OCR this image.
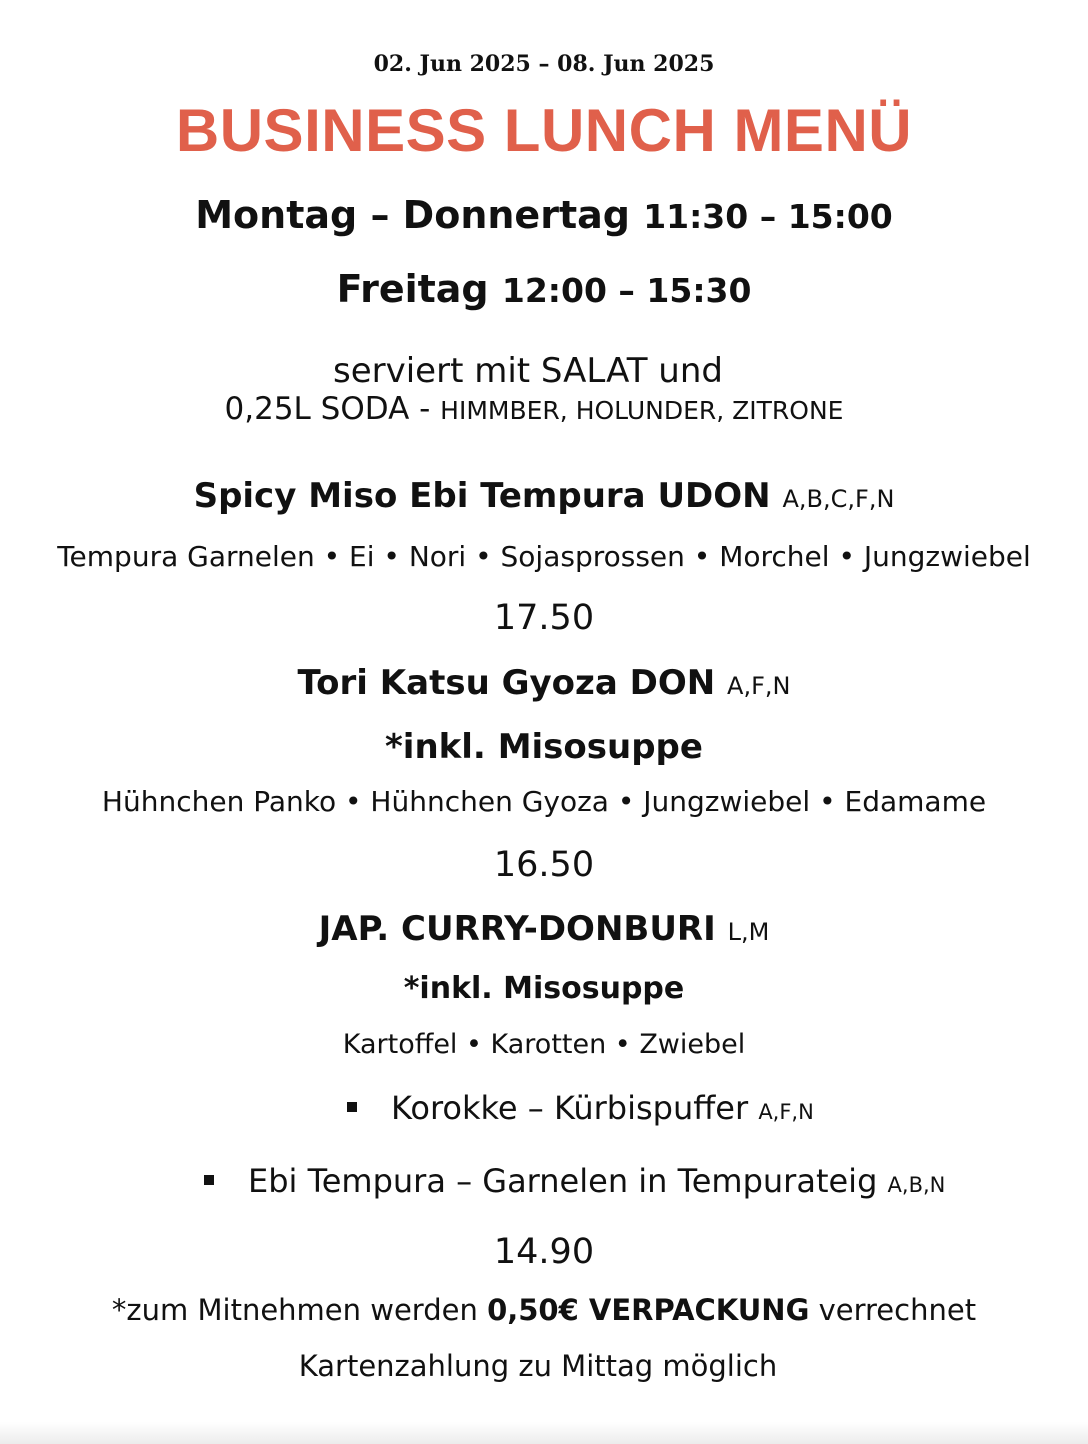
02. Jun 2025 – 08. Jun 2025
BUSINESS LUNCH MENÜ
Montag – Donnertag 11:30 – 15:00
Freitag 12:00 – 15:30
serviert mit SALAT und
0,25L SODA - HIMMBER, HOLUNDER, ZITRONE
Spicy Miso Ebi Tempura UDON A,B,C,F,N
Tempura Garnelen • Ei • Nori • Sojasprossen • Morchel • Jungzwiebel
17.50
Tori Katsu Gyoza DON A,F,N
*inkl. Misosuppe
Hühnchen Panko • Hühnchen Gyoza • Jungzwiebel • Edamame
16.50
JAP. CURRY-DONBURI L,M
*inkl. Misosuppe
Kartoffel • Karotten • Zwiebel
Korokke – Kürbispuffer A,F,N
Ebi Tempura – Garnelen in Tempurateig A,B,N
14.90
*zum Mitnehmen werden 0,50€ VERPACKUNG verrechnet
Kartenzahlung zu Mittag möglich
